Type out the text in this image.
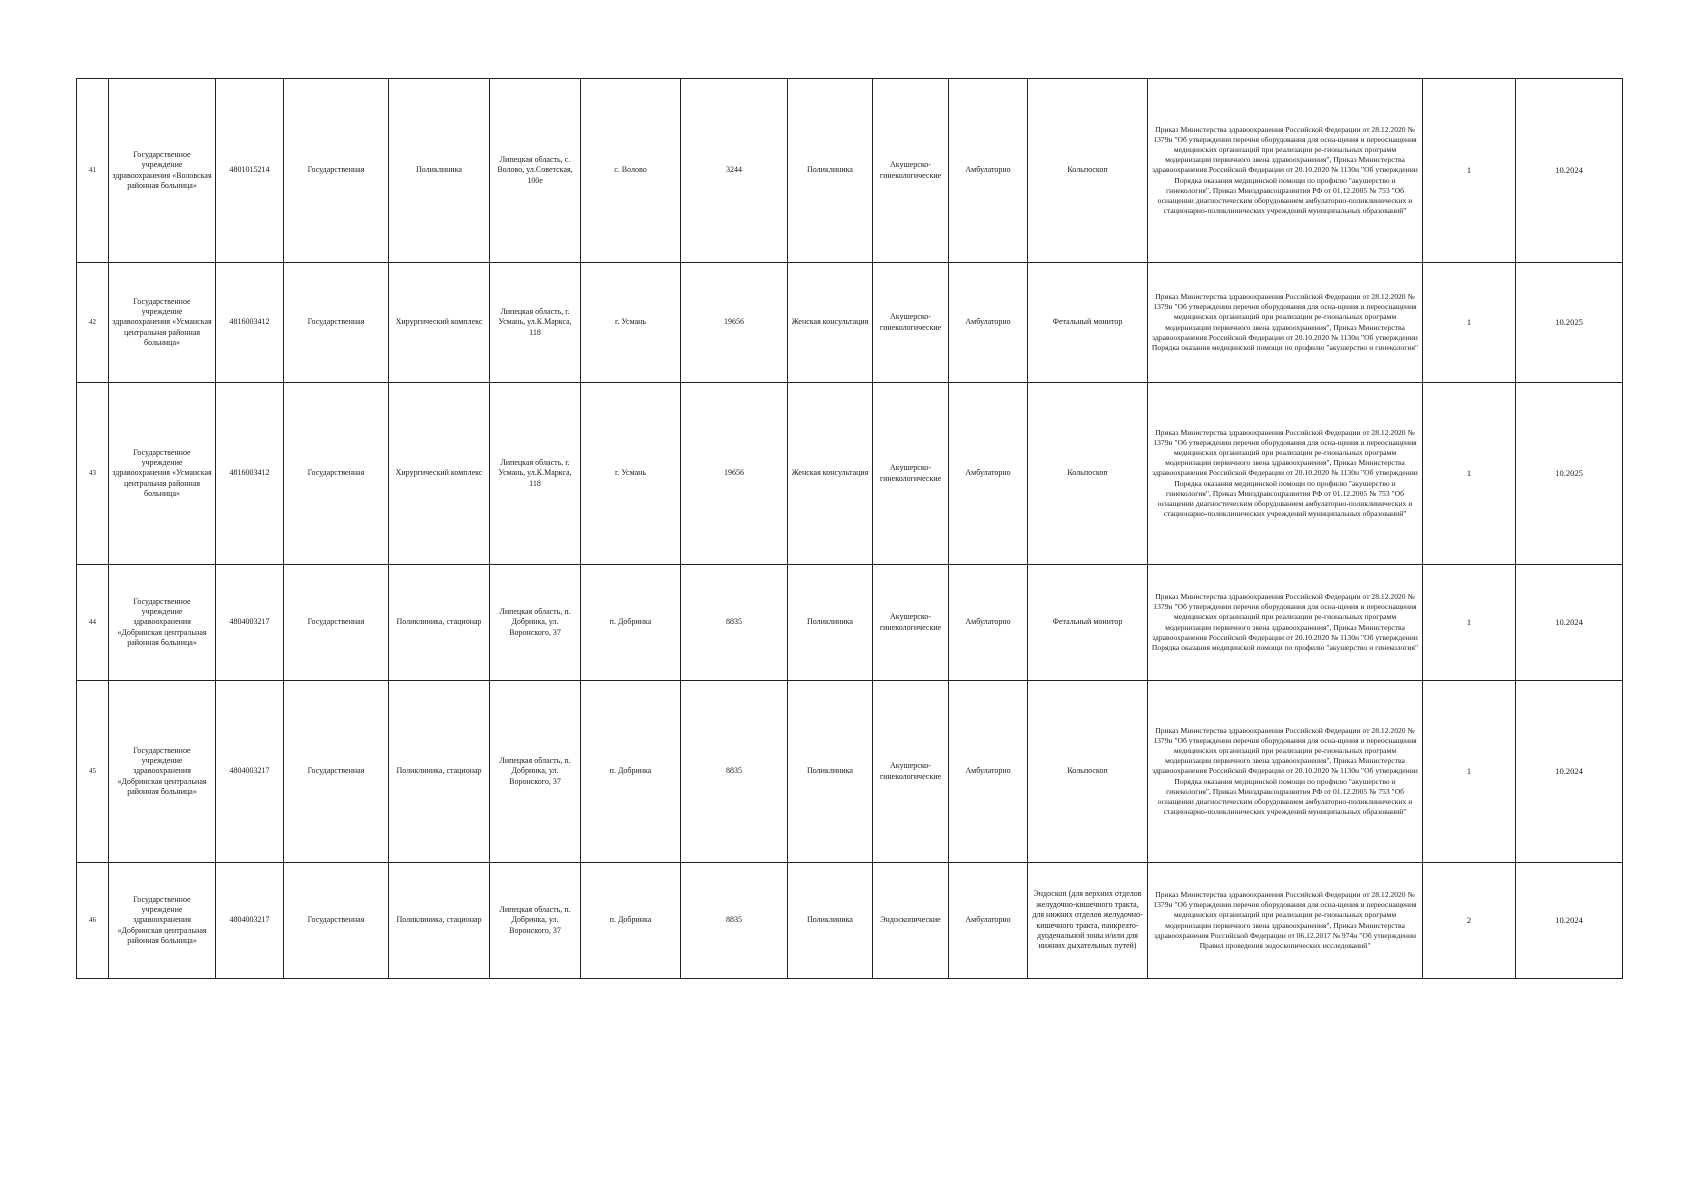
41	Государственное учреждение здравоохранения «Воловская районная больница»	4801015214	Государственная	Поликлиника	Липецкая область, с. Волово, ул.Советская, 100е	с. Волово	3244	Поликлиника	Акушерско-гинекологические	Амбулаторно	Кольпоскоп	Приказ Министерства здравоохранения Российской Федерации от 28.12.2020 № 1379н "Об утверждении перечня оборудования для осна-щения и переоснащения медицинских организаций при реализации ре-гиональных программ модернизации первичного звена здравоохранения", Приказ Министерства здравоохранения Российской Федерации от 20.10.2020 № 1130н "Об утверждении Порядка оказания медицинской помощи по профилю "акушерство и гинекология", Приказ Минздравсоцразвития РФ от 01.12.2005 № 753 "Об оснащении диагностическим оборудованием амбулаторно-поликлинических и стационарно-поликлинических учреждений муниципальных образований"	1	10.2024
42	Государственное учреждение здравоохранения «Усманская центральная районная больница»	4816003412	Государственная	Хирургический комплекс	Липецкая область, г. Усмань, ул.К.Маркса, 118	г. Усмань	19656	Женская консультация	Акушерско-гинекологические	Амбулаторно	Фетальный монитор	Приказ Министерства здравоохранения Российской Федерации от 28.12.2020 № 1379н "Об утверждении перечня оборудования для осна-щения и переоснащения медицинских организаций при реализации ре-гиональных программ модернизации первичного звена здравоохранения", Приказ Министерства здравоохранения Российской Федерации от 20.10.2020 № 1130н "Об утверждении Порядка оказания медицинской помощи по профилю "акушерство и гинекология"	1	10.2025
43	Государственное учреждение здравоохранения «Усманская центральная районная больница»	4816003412	Государственная	Хирургический комплекс	Липецкая область, г. Усмань, ул.К.Маркса, 118	г. Усмань	19656	Женская консультация	Акушерско-гинекологические	Амбулаторно	Кольпоскоп	Приказ Министерства здравоохранения Российской Федерации от 28.12.2020 № 1379н "Об утверждении перечня оборудования для осна-щения и переоснащения медицинских организаций при реализации ре-гиональных программ модернизации первичного звена здравоохранения", Приказ Министерства здравоохранения Российской Федерации от 20.10.2020 № 1130н "Об утверждении Порядка оказания медицинской помощи по профилю "акушерство и гинекология", Приказ Минздравсоцразвития РФ от 01.12.2005 № 753 "Об оснащении диагностическим оборудованием амбулаторно-поликлинических и стационарно-поликлинических учреждений муниципальных образований"	1	10.2025
44	Государственное учреждение здравоохранения «Добринская центральная районная больница»	4804003217	Государственная	Поликлиника, стационар	Липецкая область, п. Добринка, ул. Воронского, 37	п. Добринка	8835	Поликлиника	Акушерско-гинекологические	Амбулаторно	Фетальный монитор	Приказ Министерства здравоохранения Российской Федерации от 28.12.2020 № 1379н "Об утверждении перечня оборудования для осна-щения и переоснащения медицинских организаций при реализации ре-гиональных программ модернизации первичного звена здравоохранения", Приказ Министерства здравоохранения Российской Федерации от 20.10.2020 № 1130н "Об утверждении Порядка оказания медицинской помощи по профилю "акушерство и гинекология"	1	10.2024
45	Государственное учреждение здравоохранения «Добринская центральная районная больница»	4804003217	Государственная	Поликлиника, стационар	Липецкая область, п. Добринка, ул. Воронского, 37	п. Добринка	8835	Поликлиника	Акушерско-гинекологические	Амбулаторно	Кольпоскоп	Приказ Министерства здравоохранения Российской Федерации от 28.12.2020 № 1379н "Об утверждении перечня оборудования для осна-щения и переоснащения медицинских организаций при реализации ре-гиональных программ модернизации первичного звена здравоохранения", Приказ Министерства здравоохранения Российской Федерации от 20.10.2020 № 1130н "Об утверждении Порядка оказания медицинской помощи по профилю "акушерство и гинекология", Приказ Минздравсоцразвития РФ от 01.12.2005 № 753 "Об оснащении диагностическим оборудованием амбулаторно-поликлинических и стационарно-поликлинических учреждений муниципальных образований"	1	10.2024
46	Государственное учреждение здравоохранения «Добринская центральная районная больница»	4804003217	Государственная	Поликлиника, стационар	Липецкая область, п. Добринка, ул. Воронского, 37	п. Добринка	8835	Поликлиника	Эндоскопические	Амбулаторно	Эндоскоп (для верхних отделов желудочно-кишечного тракта, для нижних отделов желудочно-кишечного тракта, панкреато-дуоденальной зоны и/или для нижних дыхательных путей)	Приказ Министерства здравоохранения Российской Федерации от 28.12.2020 № 1379н "Об утверждении перечня оборудования для осна-щения и переоснащения медицинских организаций при реализации ре-гиональных программ модернизации первичного звена здравоохранения", Приказ Министерства здравоохранения Российской Федерации от 06.12.2017 № 974н "Об утверждении Правил проведения эндоскопических исследований"	2	10.2024
